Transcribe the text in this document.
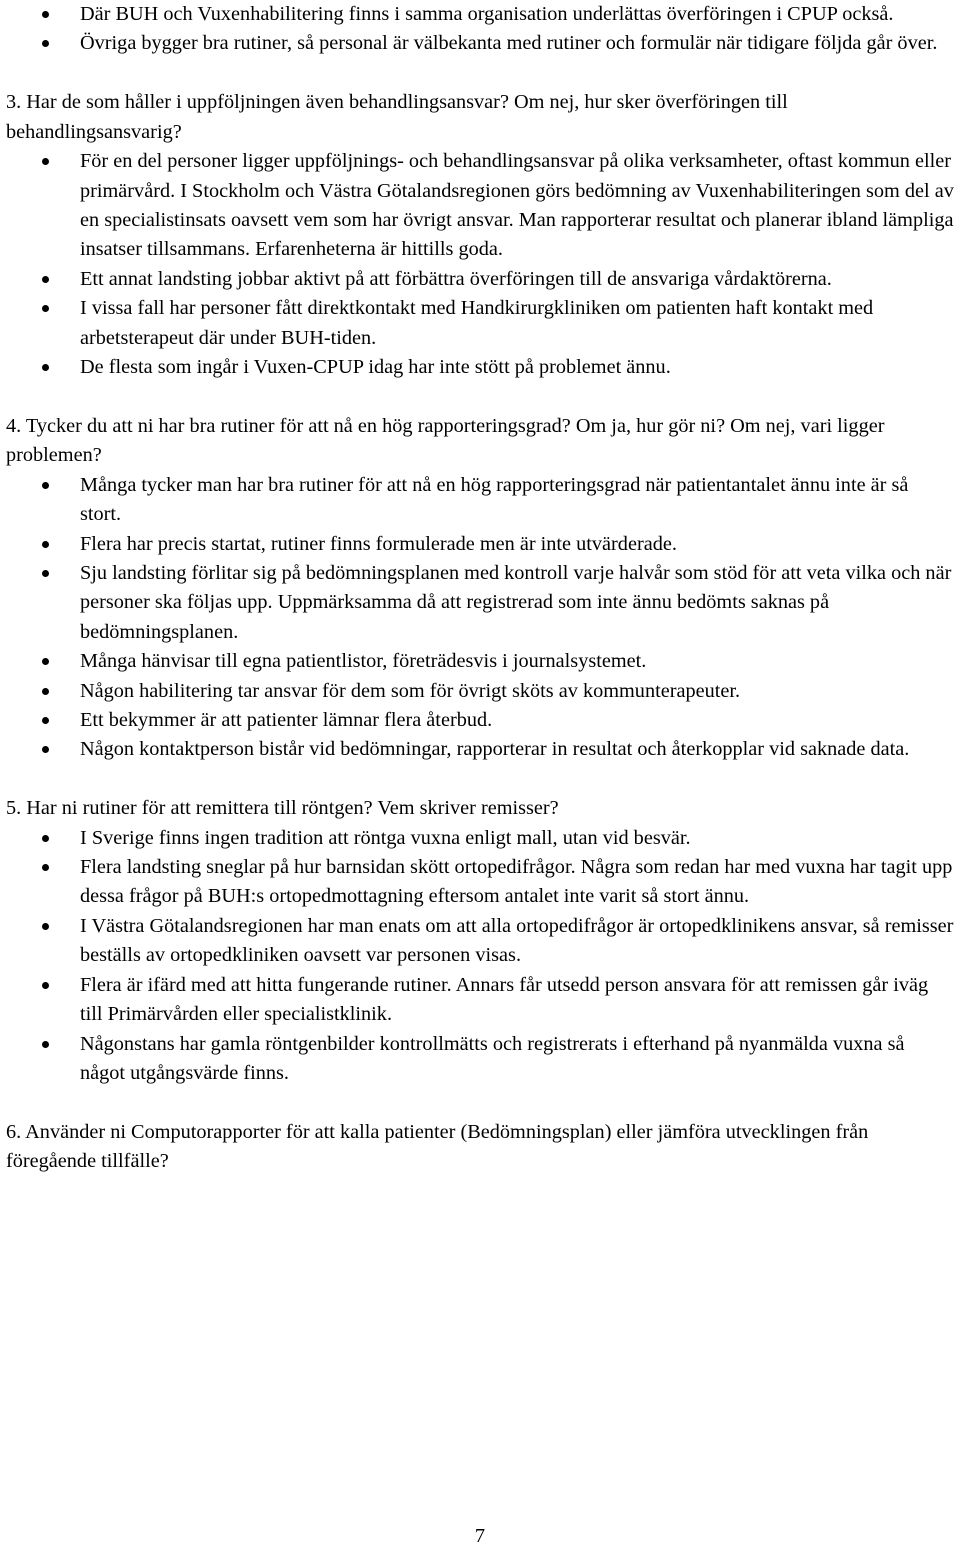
Där BUH och Vuxenhabilitering finns i samma organisation underlättas överföringen i CPUP också.
Övriga bygger bra rutiner, så personal är välbekanta med rutiner och formulär när tidigare följda går över.

3. Har de som håller i uppföljningen även behandlingsansvar? Om nej, hur sker överföringen till behandlingsansvarig?

För en del personer ligger uppföljnings- och behandlingsansvar på olika verksamheter, oftast kommun eller primärvård. I Stockholm och Västra Götalandsregionen görs bedömning av Vuxenhabiliteringen som del av en specialistinsats oavsett vem som har övrigt ansvar. Man rapporterar resultat och planerar ibland lämpliga insatser tillsammans. Erfarenheterna är hittills goda.
Ett annat landsting jobbar aktivt på att förbättra överföringen till de ansvariga vårdaktörerna.
I vissa fall har personer fått direktkontakt med Handkirurgkliniken om patienten haft kontakt med arbetsterapeut där under BUH-tiden.
De flesta som ingår i Vuxen-CPUP idag har inte stött på problemet ännu.

4. Tycker du att ni har bra rutiner för att nå en hög rapporteringsgrad? Om ja, hur gör ni? Om nej, vari ligger problemen?

Många tycker man har bra rutiner för att nå en hög rapporteringsgrad när patientantalet ännu inte är så stort.
Flera har precis startat, rutiner finns formulerade men är inte utvärderade.
Sju landsting förlitar sig på bedömningsplanen med kontroll varje halvår som stöd för att veta vilka och när personer ska följas upp. Uppmärksamma då att registrerad som inte ännu bedömts saknas på bedömningsplanen.
Många hänvisar till egna patientlistor, företrädesvis i journalsystemet.
Någon habilitering tar ansvar för dem som för övrigt sköts av kommunterapeuter.
Ett bekymmer är att patienter lämnar flera återbud.
Någon kontaktperson bistår vid bedömningar, rapporterar in resultat och återkopplar vid saknade data.

5. Har ni rutiner för att remittera till röntgen? Vem skriver remisser?

I Sverige finns ingen tradition att röntga vuxna enligt mall, utan vid besvär.
Flera landsting sneglar på hur barnsidan skött ortopedifrågor. Några som redan har med vuxna har tagit upp dessa frågor på BUH:s ortopedmottagning eftersom antalet inte varit så stort ännu.
I Västra Götalandsregionen har man enats om att alla ortopedifrågor är ortopedklinikens ansvar, så remisser beställs av ortopedkliniken oavsett var personen visas.
Flera är ifärd med att hitta fungerande rutiner. Annars får utsedd person ansvara för att remissen går iväg till Primärvården eller specialistklinik.
Någonstans har gamla röntgenbilder kontrollmätts och registrerats i efterhand på nyanmälda vuxna så något utgångsvärde finns.

6. Använder ni Computorapporter för att kalla patienter (Bedömningsplan) eller jämföra utvecklingen från föregående tillfälle?

7
